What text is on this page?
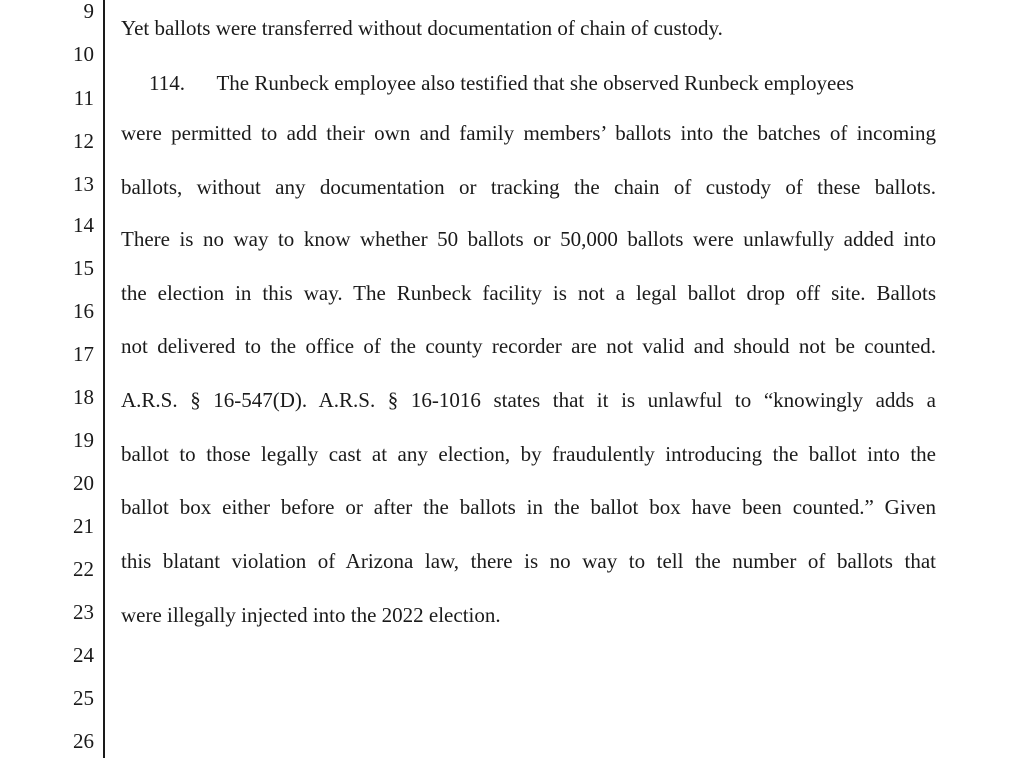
9
10
11
12
13
14
15
16
17
18
19
20
21
22
23
24
25
26
Yet ballots were transferred without documentation of chain of custody.
114.  The Runbeck employee also testified that she observed Runbeck employees
were permitted to add their own and family members’ ballots into the batches of incoming
ballots, without any documentation or tracking the chain of custody of these ballots.
There is no way to know whether 50 ballots or 50,000 ballots were unlawfully added into
the election in this way. The Runbeck facility is not a legal ballot drop off site. Ballots
not delivered to the office of the county recorder are not valid and should not be counted.
A.R.S. § 16-547(D). A.R.S. § 16-1016 states that it is unlawful to “knowingly adds a
ballot to those legally cast at any election, by fraudulently introducing the ballot into the
ballot box either before or after the ballots in the ballot box have been counted.” Given
this blatant violation of Arizona law, there is no way to tell the number of ballots that
were illegally injected into the 2022 election.
